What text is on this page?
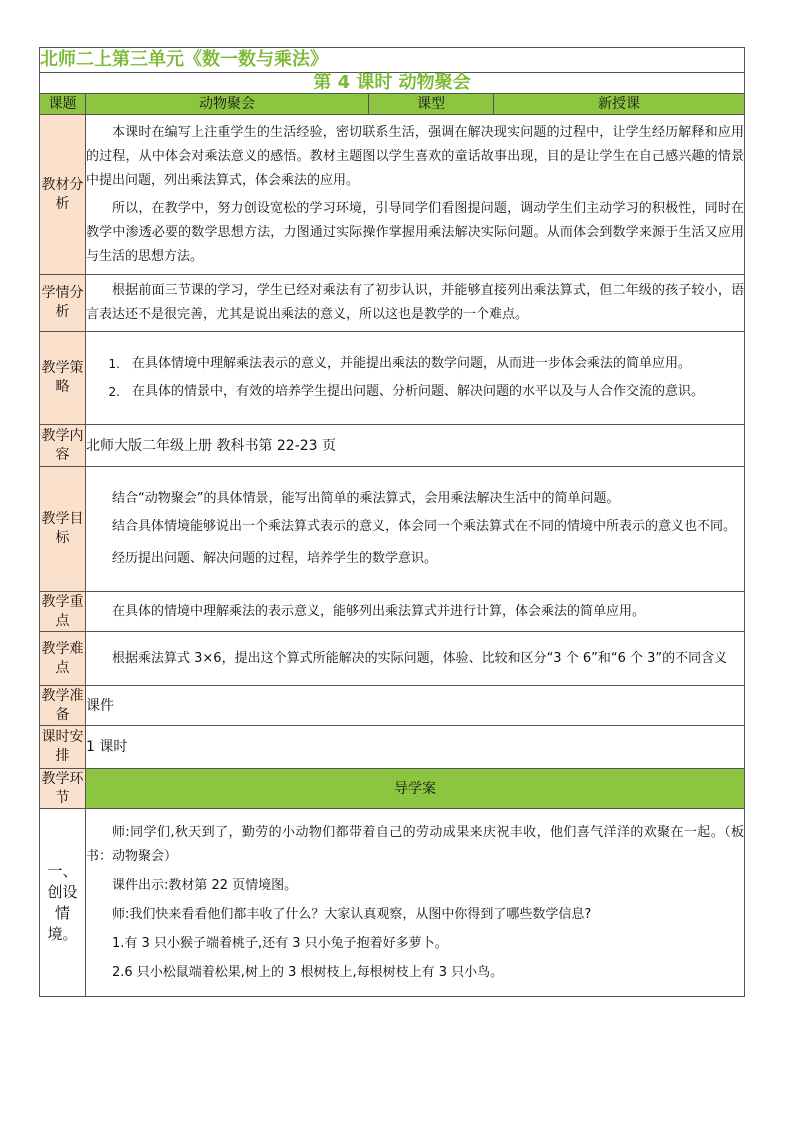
北师二上第三单元《数一数与乘法》			
第 4 课时 动物聚会			
课题	动物聚会	课型	新授课
教材分析	本课时在编写上注重学生的生活经验，密切联系生活，强调在解决现实问题的过程中，让学生经历解释和应用的过程，从中体会对乘法意义的感悟。教材主题图以学生喜欢的童话故事出现，目的是让学生在自己感兴趣的情景中提出问题，列出乘法算式，体会乘法的应用。

所以，在教学中，努力创设宽松的学习环境，引导同学们看图提问题，调动学生们主动学习的积极性，同时在教学中渗透必要的数学思想方法，力图通过实际操作掌握用乘法解决实际问题。从而体会到数学来源于生活又应用与生活的思想方法。		

学情分析	根据前面三节课的学习，学生已经对乘法有了初步认识，并能够直接列出乘法算式，但二年级的孩子较小，语言表达还不是很完善，尤其是说出乘法的意义，所以这也是教学的一个难点。		

教学策略	1. 在具体情境中理解乘法表示的意义，并能提出乘法的数学问题，从而进一步体会乘法的简单应用。
2. 在具体的情景中，有效的培养学生提出问题、分析问题、解决问题的水平以及与人合作交流的意识。		

教学内容	北师大版二年级上册 教科书第 22-23 页		
教学目标	结合“动物聚会”的具体情景，能写出简单的乘法算式，会用乘法解决生活中的简单问题。

结合具体情境能够说出一个乘法算式表示的意义，体会同一个乘法算式在不同的情境中所表示的意义也不同。

经历提出问题、解决问题的过程，培养学生的数学意识。		

教学重点	在具体的情境中理解乘法的表示意义，能够列出乘法算式并进行计算，体会乘法的简单应用。		

教学难点	根据乘法算式 3×6，提出这个算式所能解决的实际问题，体验、比较和区分“3 个 6”和“6 个 3”的不同含义		

教学准备	课件		
课时安排	1 课时		
教学环节	导学案		
一、创设情境。	师:同学们,秋天到了，勤劳的小动物们都带着自己的劳动成果来庆祝丰收，他们喜气洋洋的欢聚在一起。（板书：动物聚会）

课件出示:教材第 22 页情境图。

师:我们快来看看他们都丰收了什么？大家认真观察，从图中你得到了哪些数学信息?

1.有 3 只小猴子端着桃子,还有 3 只小兔子抱着好多萝卜。

2.6 只小松鼠端着松果,树上的 3 根树枝上,每根树枝上有 3 只小鸟。		
